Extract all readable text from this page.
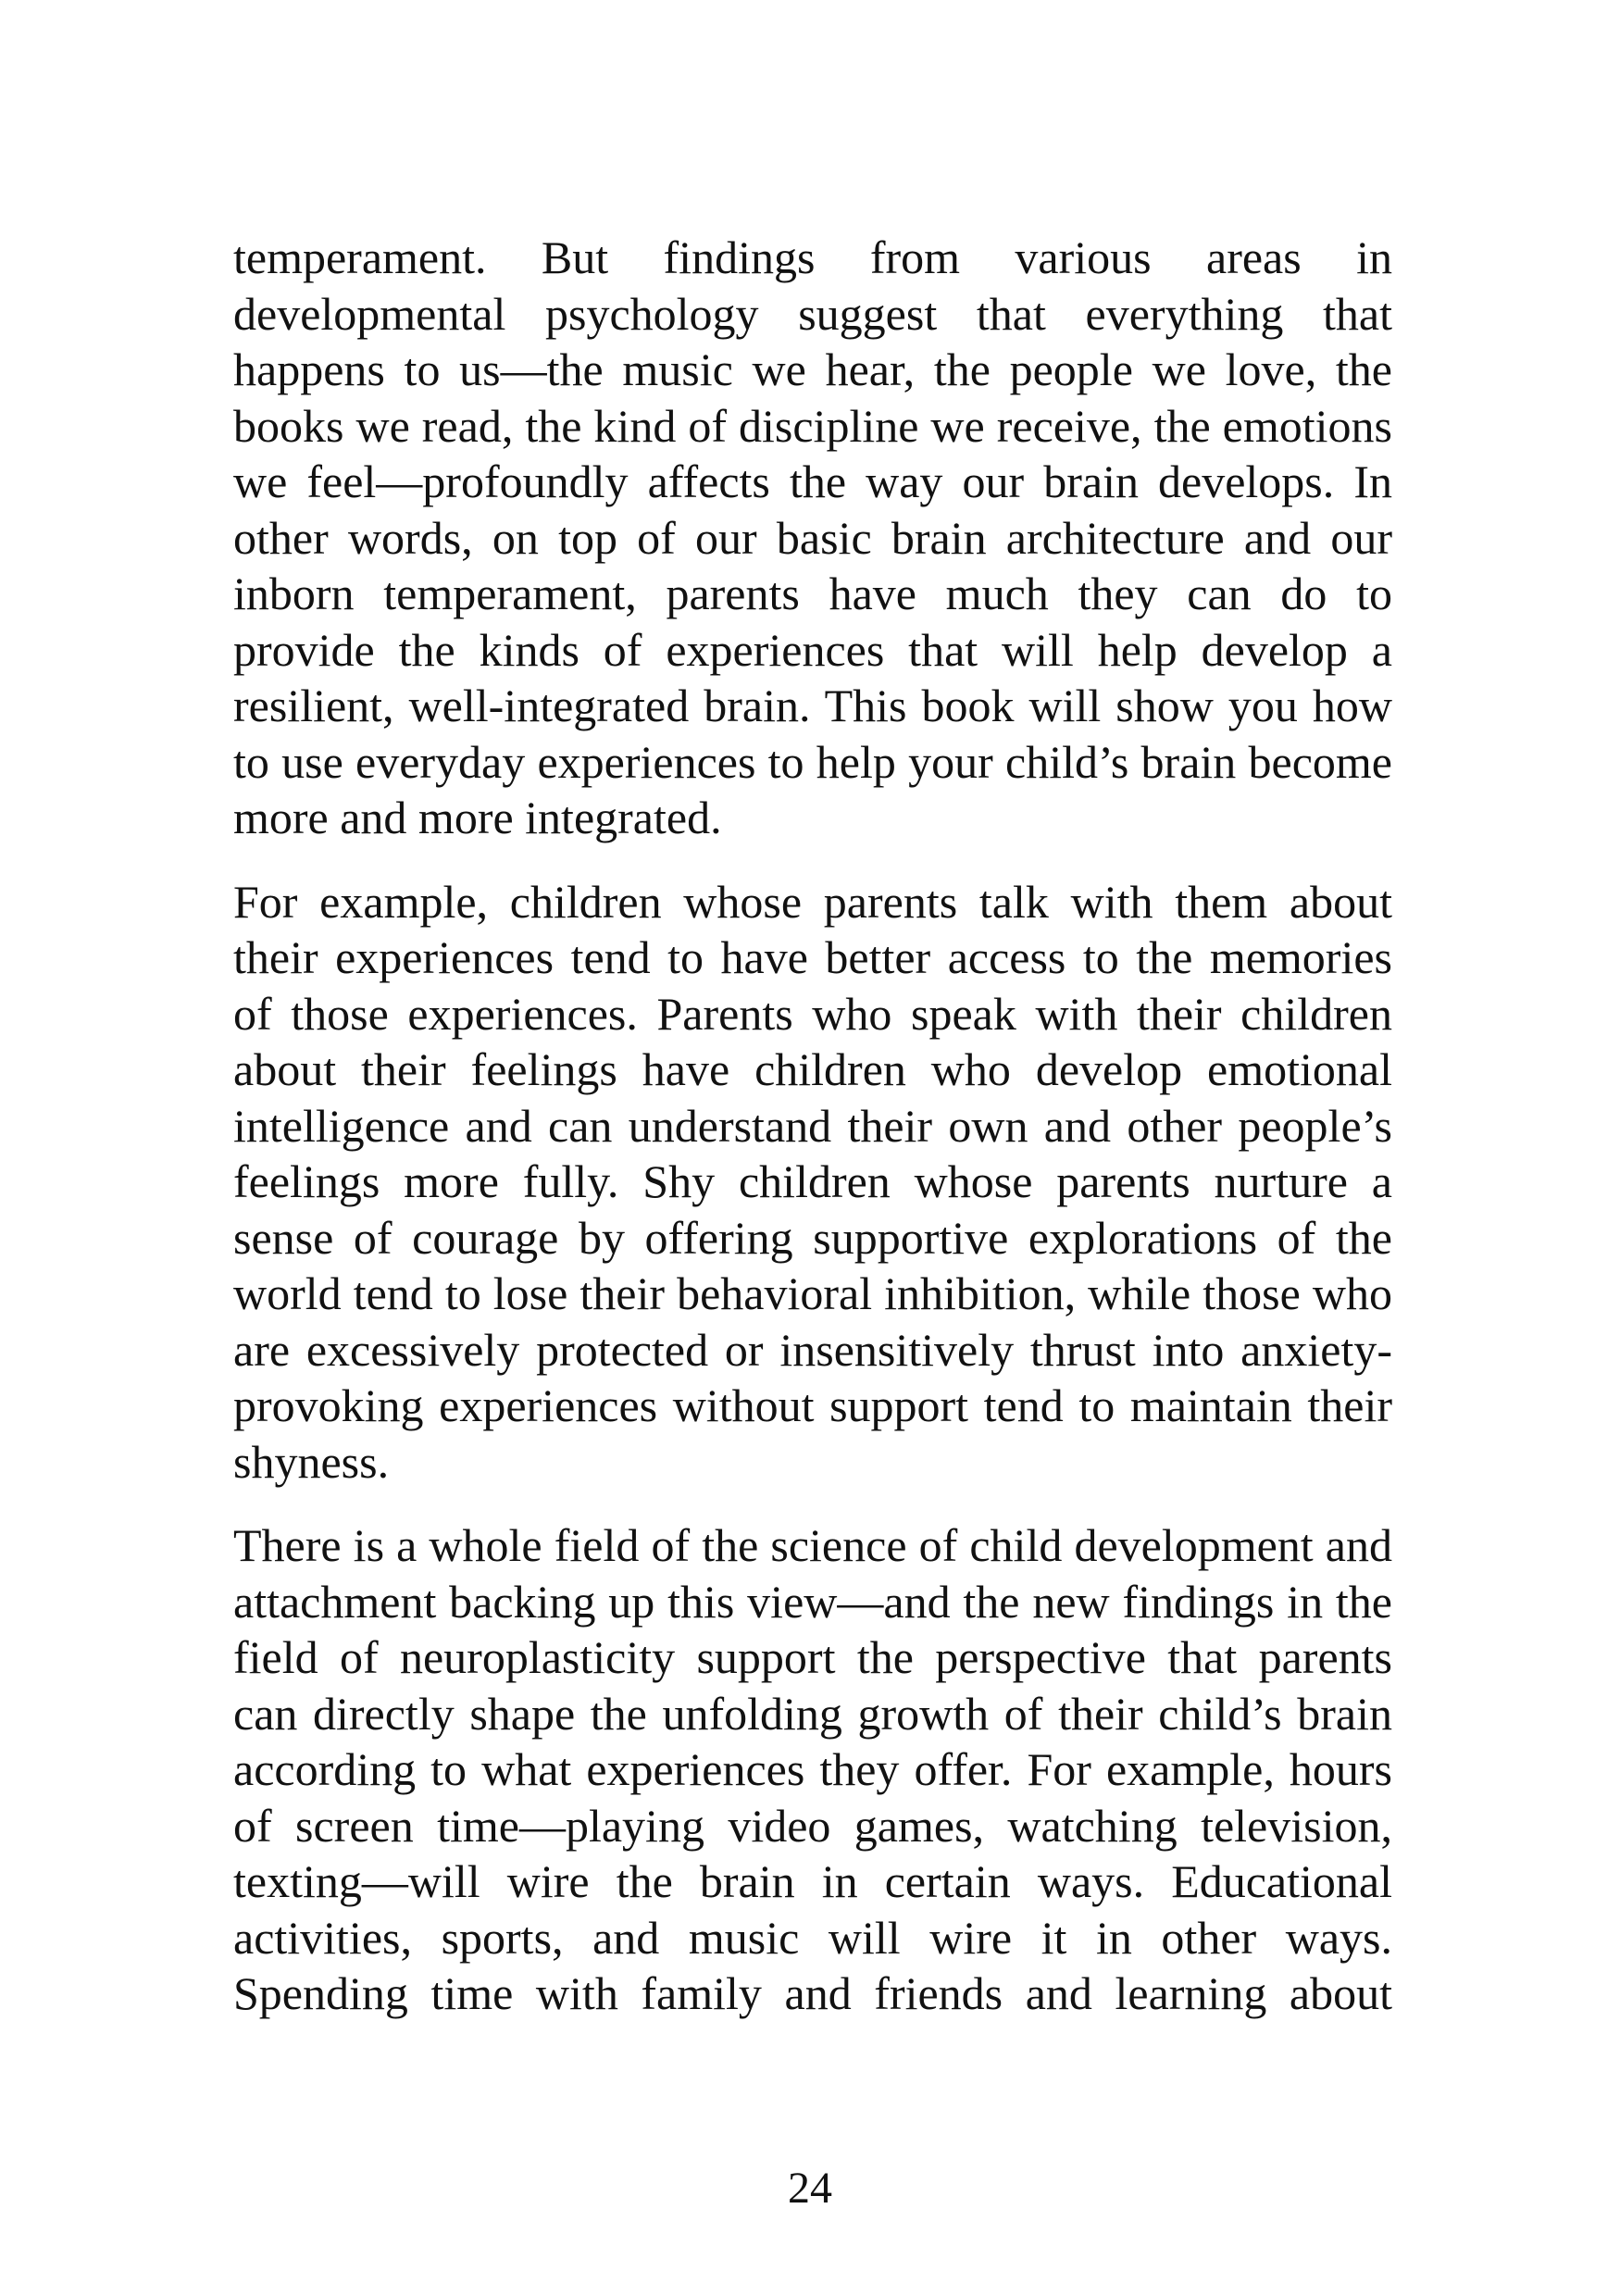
temperament. But findings from various areas in developmental psychology suggest that everything that happens to us—the music we hear, the people we love, the books we read, the kind of discipline we receive, the emotions we feel—profoundly affects the way our brain develops. In other words, on top of our basic brain architecture and our inborn temperament, parents have much they can do to provide the kinds of experiences that will help develop a resilient, well-integrated brain. This book will show you how to use everyday experiences to help your child’s brain become more and more integrated.

For example, children whose parents talk with them about their experiences tend to have better access to the memories of those experiences. Parents who speak with their children about their feelings have children who develop emotional intelligence and can understand their own and other people’s feelings more fully. Shy children whose parents nurture a sense of courage by offering supportive explorations of the world tend to lose their behavioral inhibition, while those who are excessively protected or insensitively thrust into anxiety-provoking experiences without support tend to maintain their shyness.

There is a whole field of the science of child development and attachment backing up this view—and the new findings in the field of neuroplasticity support the perspective that parents can directly shape the unfolding growth of their child’s brain according to what experiences they offer. For example, hours of screen time—playing video games, watching television, texting—will wire the brain in certain ways. Educational activities, sports, and music will wire it in other ways. Spending time with family and friends and learning about

24
